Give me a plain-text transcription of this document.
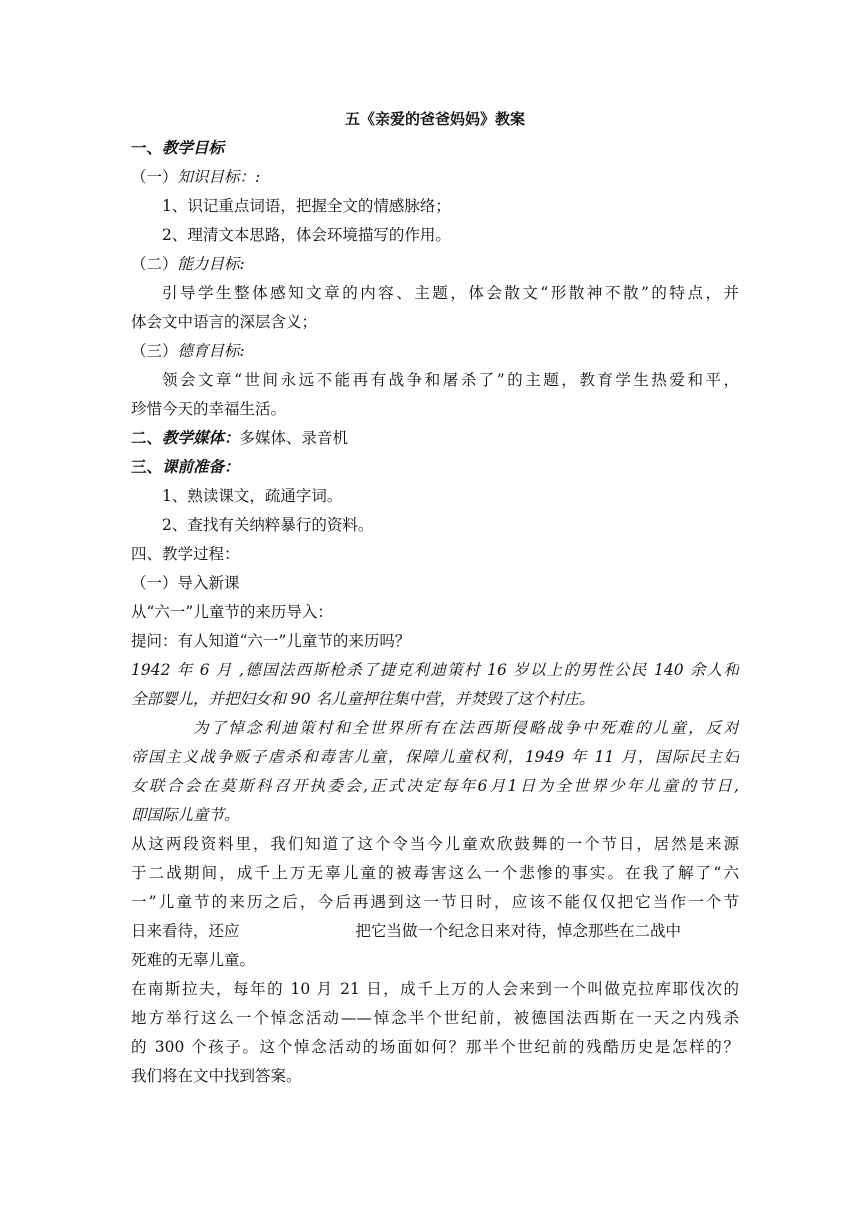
五《亲爱的爸爸妈妈》教案
一、教学目标
（一）知识目标：:
1、识记重点词语，把握全文的情感脉络；
2、理清文本思路，体会环境描写的作用。
（二）能力目标:
引导学生整体感知文章的内容、主题，体会散文“形散神不散”的特点，并
体会文中语言的深层含义；
（三）德育目标:
领会文章“世间永远不能再有战争和屠杀了”的主题，教育学生热爱和平，
珍惜今天的幸福生活。
二、教学媒体：多媒体、录音机
三、课前准备：
1、熟读课文，疏通字词。
2、查找有关纳粹暴行的资料。
四、教学过程：
（一）导入新课
从“六一”儿童节的来历导入：
提问：有人知道“六一”儿童节的来历吗？
1942 年 6 月 ,德国法西斯枪杀了捷克利迪策村 16 岁以上的男性公民 140 余人和
全部婴儿，并把妇女和 90 名儿童押往集中营，并焚毁了这个村庄。
为了悼念利迪策村和全世界所有在法西斯侵略战争中死难的儿童，反对
帝国主义战争贩子虐杀和毒害儿童，保障儿童权利，1949 年 11 月，国际民主妇
女联合会在莫斯科召开执委会,正式决定每年6月1日为全世界少年儿童的节日,
即国际儿童节。
从这两段资料里，我们知道了这个令当今儿童欢欣鼓舞的一个节日，居然是来源
于二战期间，成千上万无辜儿童的被毒害这么一个悲惨的事实。在我了解了“六
一”儿童节的来历之后，今后再遇到这一节日时，应该不能仅仅把它当作一个节
日来看待，还应	把它当做一个纪念日来对待，悼念那些在二战中
死难的无辜儿童。
在南斯拉夫，每年的 10 月 21 日，成千上万的人会来到一个叫做克拉库耶伐次的
地方举行这么一个悼念活动——悼念半个世纪前，被德国法西斯在一天之内残杀
的 300 个孩子。这个悼念活动的场面如何？那半个世纪前的残酷历史是怎样的？
我们将在文中找到答案。
